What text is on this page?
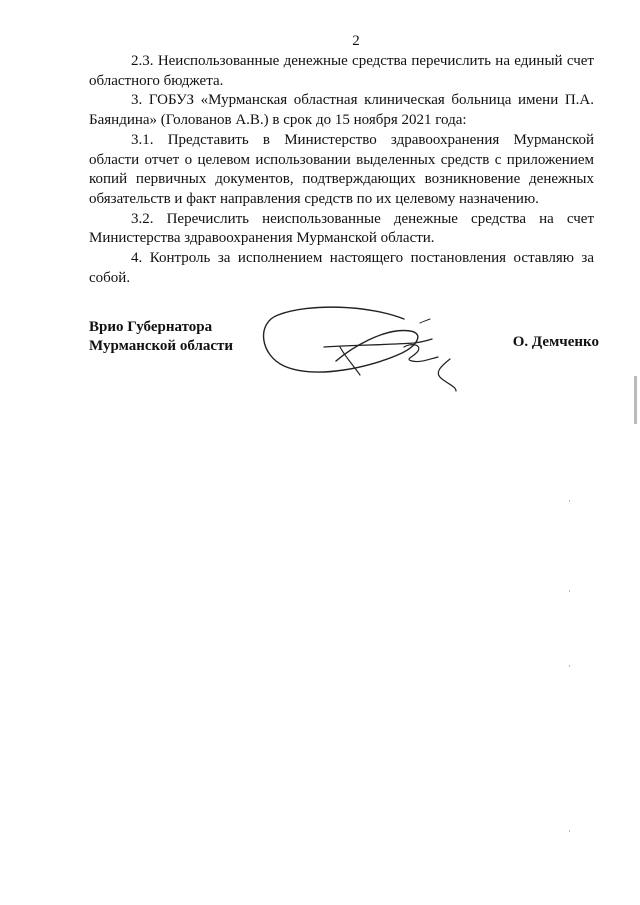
2

2.3. Неиспользованные денежные средства перечислить на единый счет областного бюджета.

3. ГОБУЗ «Мурманская областная клиническая больница имени П.А. Баяндина» (Голованов А.В.) в срок до 15 ноября 2021 года:

3.1. Представить в Министерство здравоохранения Мурманской области отчет о целевом использовании выделенных средств с приложением копий первичных документов, подтверждающих возникновение денежных обязательств и факт направления средств по их целевому назначению.

3.2. Перечислить неиспользованные денежные средства на счет Министерства здравоохранения Мурманской области.

4. Контроль за исполнением настоящего постановления оставляю за собой.

Врио Губернатора
Мурманской области	О. Демченко
